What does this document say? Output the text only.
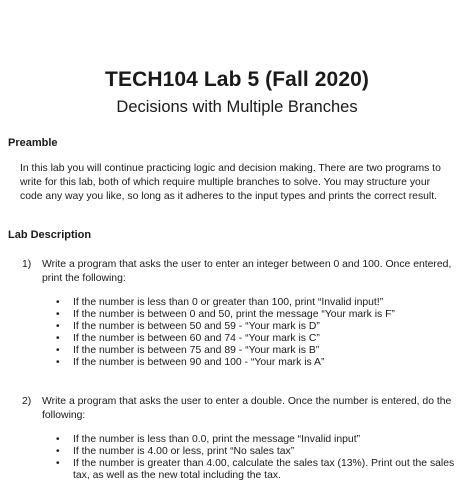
TECH104 Lab 5 (Fall 2020)
Decisions with Multiple Branches
Preamble
In this lab you will continue practicing logic and decision making. There are two programs to
write for this lab, both of which require multiple branches to solve. You may structure your
code any way you like, so long as it adheres to the input types and prints the correct result.
Lab Description
1) Write a program that asks the user to enter an integer between 0 and 100. Once entered,
print the following:
• If the number is less than 0 or greater than 100, print “Invalid input!”
• If the number is between 0 and 50, print the message “Your mark is F”
• If the number is between 50 and 59 - “Your mark is D”
• If the number is between 60 and 74 - “Your mark is C”
• If the number is between 75 and 89 - “Your mark is B”
• If the number is between 90 and 100 - “Your mark is A”
2) Write a program that asks the user to enter a double. Once the number is entered, do the
following:
• If the number is less than 0.0, print the message “Invalid input”
• If the number is 4.00 or less, print “No sales tax”
• If the number is greater than 4.00, calculate the sales tax (13%). Print out the sales
tax, as well as the new total including the tax.
